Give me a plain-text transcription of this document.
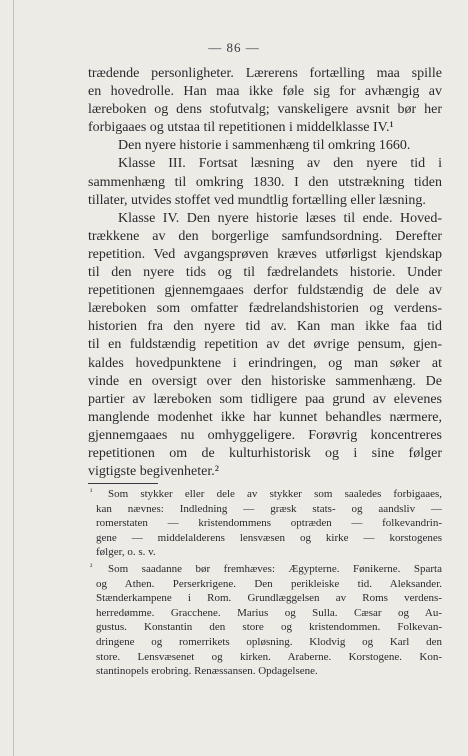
— 86 —
trædende personligheter. Lærerens fortælling maa spille
en hovedrolle. Han maa ikke føle sig for avhængig av
læreboken og dens stofutvalg; vanskeligere avsnit bør her
forbigaaes og utstaa til repetitionen i middelklasse IV.¹
Den nyere historie i sammenhæng til omkring 1660.
Klasse III. Fortsat læsning av den nyere tid i
sammenhæng til omkring 1830. I den utstrækning tiden
tillater, utvides stoffet ved mundtlig fortælling eller læsning.
Klasse IV. Den nyere historie læses til ende. Hoved-
trækkene av den borgerlige samfundsordning. Derefter
repetition. Ved avgangsprøven kræves utførligst kjendskap
til den nyere tids og til fædrelandets historie. Under
repetitionen gjennemgaaes derfor fuldstændig de dele av
læreboken som omfatter fædrelandshistorien og verdens-
historien fra den nyere tid av. Kan man ikke faa tid
til en fuldstændig repetition av det øvrige pensum, gjen-
kaldes hovedpunktene i erindringen, og man søker at
vinde en oversigt over den historiske sammenhæng. De
partier av læreboken som tidligere paa grund av elevenes
manglende modenhet ikke har kunnet behandles nærmere,
gjennemgaaes nu omhyggeligere. Forøvrig koncentreres
repetitionen om de kulturhistorisk og i sine følger
vigtigste begivenheter.²
¹	Som stykker eller dele av stykker som saaledes forbigaaes,
kan nævnes: Indledning — græsk stats- og aandsliv —
romerstaten — kristendommens optræden — folkevandrin-
gene — middelalderens lensvæsen og kirke — korstogenes
følger, o. s. v.
²	Som saadanne bør fremhæves: Ægypterne. Fønikerne. Sparta
og Athen. Perserkrigene. Den perikleiske tid. Aleksander.
Stænderkampene i Rom. Grundlæggelsen av Roms verdens-
herredømme. Gracchene. Marius og Sulla. Cæsar og Au-
gustus. Konstantin den store og kristendommen. Folkevan-
dringene og romerrikets opløsning. Klodvig og Karl den
store. Lensvæsenet og kirken. Araberne. Korstogene. Kon-
stantinopels erobring. Renæssansen. Opdagelsene.
